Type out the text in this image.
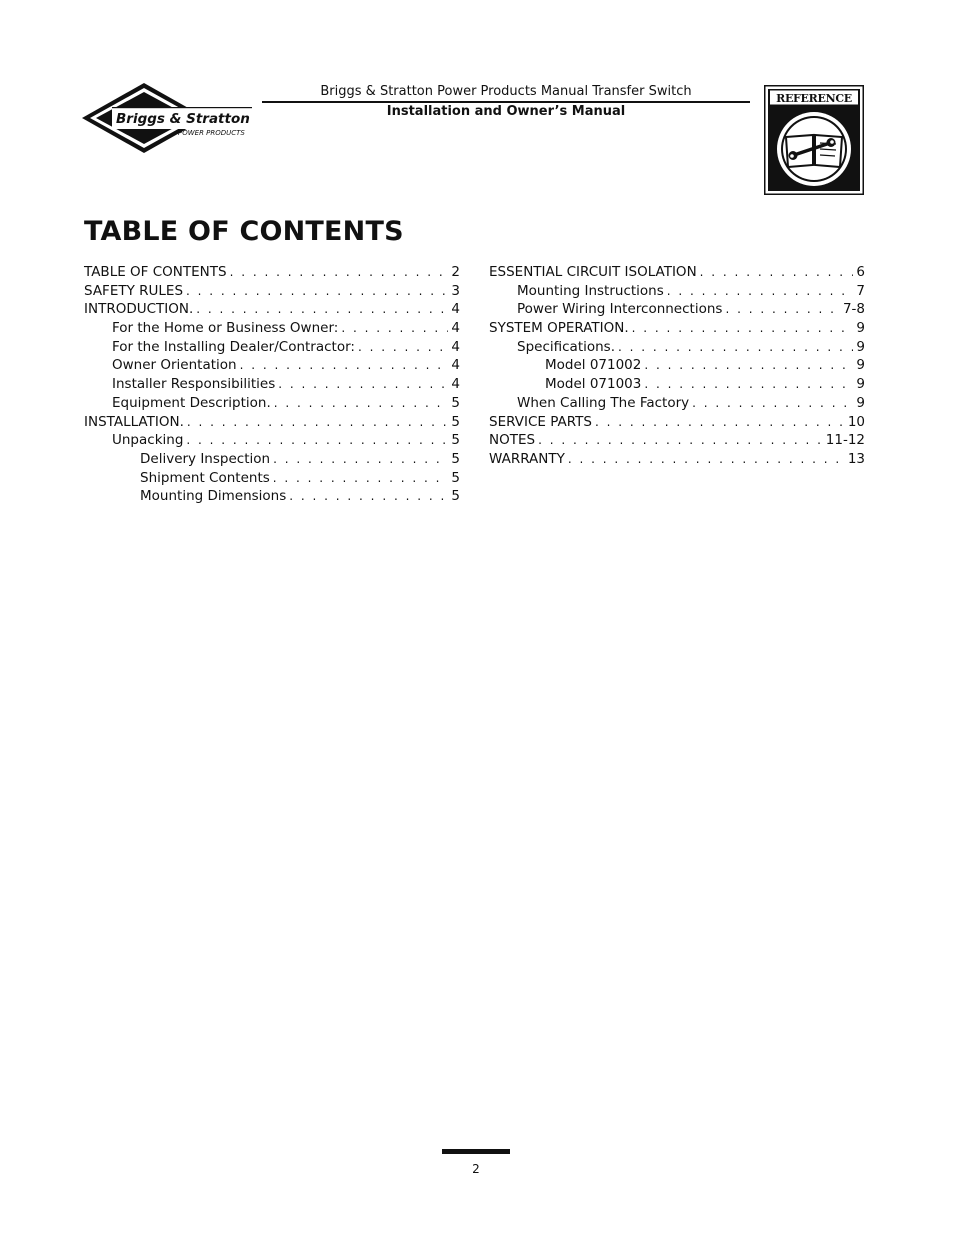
Briggs & Stratton
POWER PRODUCTS
Briggs & Stratton Power Products Manual Transfer Switch
Installation and Owner’s Manual
REFERENCE
TABLE OF CONTENTS
TABLE OF CONTENTS . . .	2
SAFETY RULES . . .	3
INTRODUCTION. . . .	4
For the Home or Business Owner: . . .	4
For the Installing Dealer/Contractor: . . .	4
Owner Orientation . . .	4
Installer Responsibilities . . .	4
Equipment Description. . . .	5
INSTALLATION. . . .	5
Unpacking . . .	5
Delivery Inspection . . .	5
Shipment Contents . . .	5
Mounting Dimensions . . .	5
ESSENTIAL CIRCUIT ISOLATION . . .	6
Mounting Instructions . . .	7
Power Wiring Interconnections . . .	7-8
SYSTEM OPERATION. . . .	9
Specifications. . . .	9
Model 071002 . . .	9
Model 071003 . . .	9
When Calling The Factory . . .	9
SERVICE PARTS . . .	10
NOTES . . .	11-12
WARRANTY . . .	13
2
